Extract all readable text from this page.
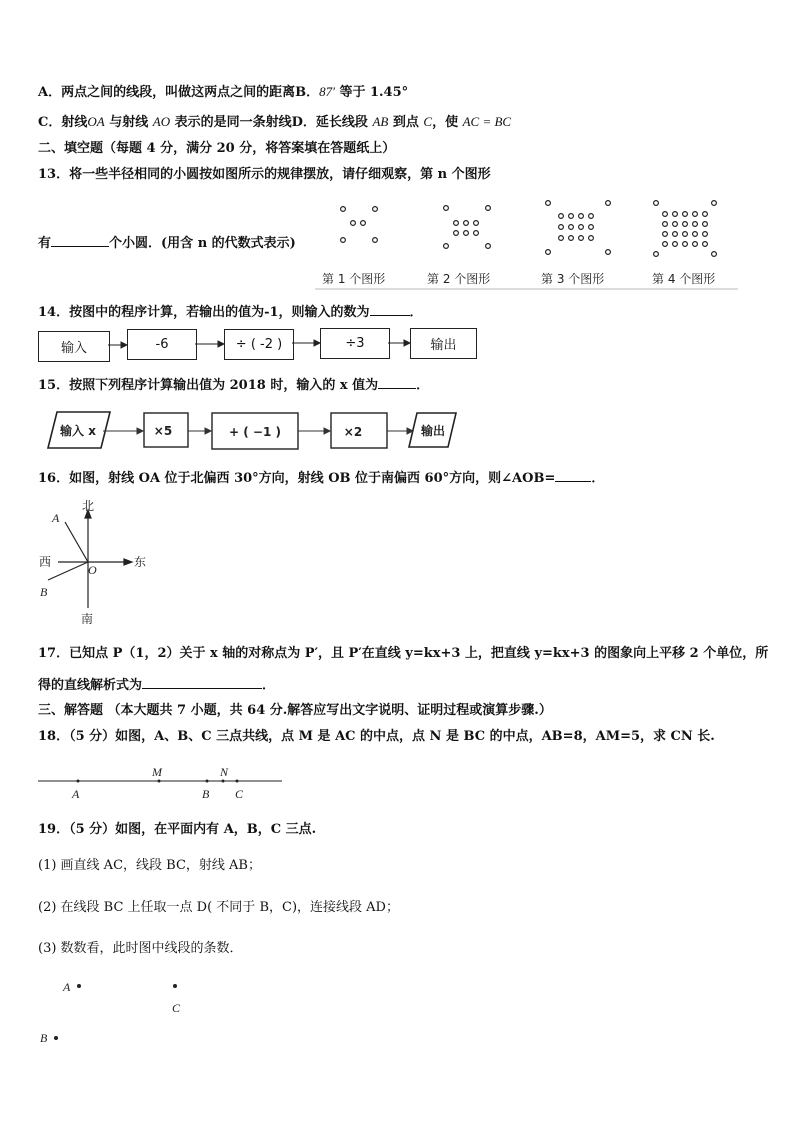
A．两点之间的线段，叫做这两点之间的距离B．87′ 等于 1.45°
C．射线OA 与射线 AO 表示的是同一条射线D．延长线段 AB 到点 C，使 AC = BC
二、填空题（每题 4 分，满分 20 分，将答案填在答题纸上）
13．将一些半径相同的小圆按如图所示的规律摆放，请仔细观察，第 n 个图形
有	个小圆．(用含 n 的代数式表示)
第 1 个图形	第 2 个图形	第 3 个图形	第 4 个图形
14．按图中的程序计算，若输出的值为-1，则输入的数为	．
输入	-6	÷ ( -2 )	÷3	输出
15．按照下列程序计算输出值为 2018 时，输入的 x 值为	．
输入 x	×5	+ ( −1 )	×2	输出
16．如图，射线 OA 位于北偏西 30°方向，射线 OB 位于南偏西 60°方向，则∠AOB=	．
北
南
西	东
A
B
O
17．已知点 P（1，2）关于 x 轴的对称点为 P′，且 P′在直线 y=kx+3 上，把直线 y=kx+3 的图象向上平移 2 个单位，所
得的直线解析式为	．
三、解答题 （本大题共 7 小题，共 64 分.解答应写出文字说明、证明过程或演算步骤.）
18．（5 分）如图，A、B、C 三点共线，点 M 是 AC 的中点，点 N 是 BC 的中点，AB=8，AM=5，求 CN 长.
A
M
B
N
C
19．（5 分）如图，在平面内有 A，B，C 三点.
(1) 画直线 AC，线段 BC，射线 AB；
(2) 在线段 BC 上任取一点 D( 不同于 B，C)，连接线段 AD；
(3) 数数看，此时图中线段的条数．
A
C
B
